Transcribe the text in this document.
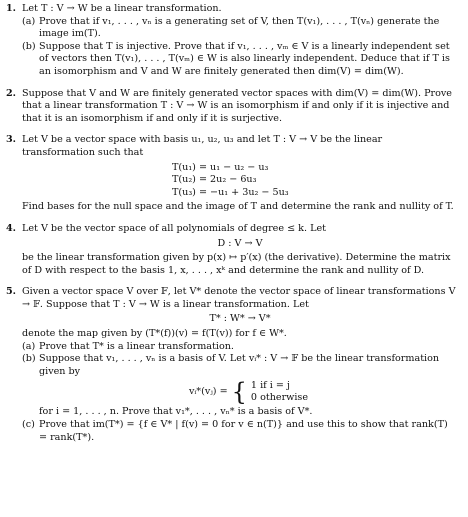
1. Let T : V → W be a linear transformation.
(a) Prove that if v₁, . . . , vₙ is a generating set of V, then T(v₁), . . . , T(vₙ) generate the image im(T).
(b) Suppose that T is injective. Prove that if v₁, . . . , vₘ ∈ V is a linearly independent set of vectors then T(v₁), . . . , T(vₘ) ∈ W is also linearly independent. Deduce that if T is an isomorphism and V and W are finitely generated then dim(V) = dim(W).
2. Suppose that V and W are finitely generated vector spaces with dim(V) = dim(W). Prove that a linear transformation T : V → W is an isomorphism if and only if it is injective and that it is an isomorphism if and only if it is surjective.
3. Let V be a vector space with basis u₁, u₂, u₃ and let T : V → V be the linear transformation such that
T(u₁) = u₁ − u₂ − u₃
T(u₂) = 2u₂ − 6u₃
T(u₃) = −u₁ + 3u₂ − 5u₃
Find bases for the null space and the image of T and determine the rank and nullity of T.
4. Let V be the vector space of all polynomials of degree ≤ k. Let
D : V → V
be the linear transformation given by p(x) ↦ p′(x) (the derivative). Determine the matrix of D with respect to the basis 1, x, . . . , xᵏ and determine the rank and nullity of D.
5. Given a vector space V over 𝔽, let V* denote the vector space of linear transformations V → 𝔽. Suppose that T : V → W is a linear transformation. Let
T* : W* → V*
denote the map given by (T*(f))(v) = f(T(v)) for f ∈ W*.
(a) Prove that T* is a linear transformation.
(b) Suppose that v₁, . . . , vₙ is a basis of V. Let vᵢ* : V → 𝔽 be the linear transformation given by
vᵢ*(vⱼ) = { 1 if i = j
0 otherwise
for i = 1, . . . , n. Prove that v₁*, . . . , vₙ* is a basis of V*.
(c) Prove that im(T*) = {f ∈ V* | f(v) = 0 for v ∈ n(T)} and use this to show that rank(T) = rank(T*).
